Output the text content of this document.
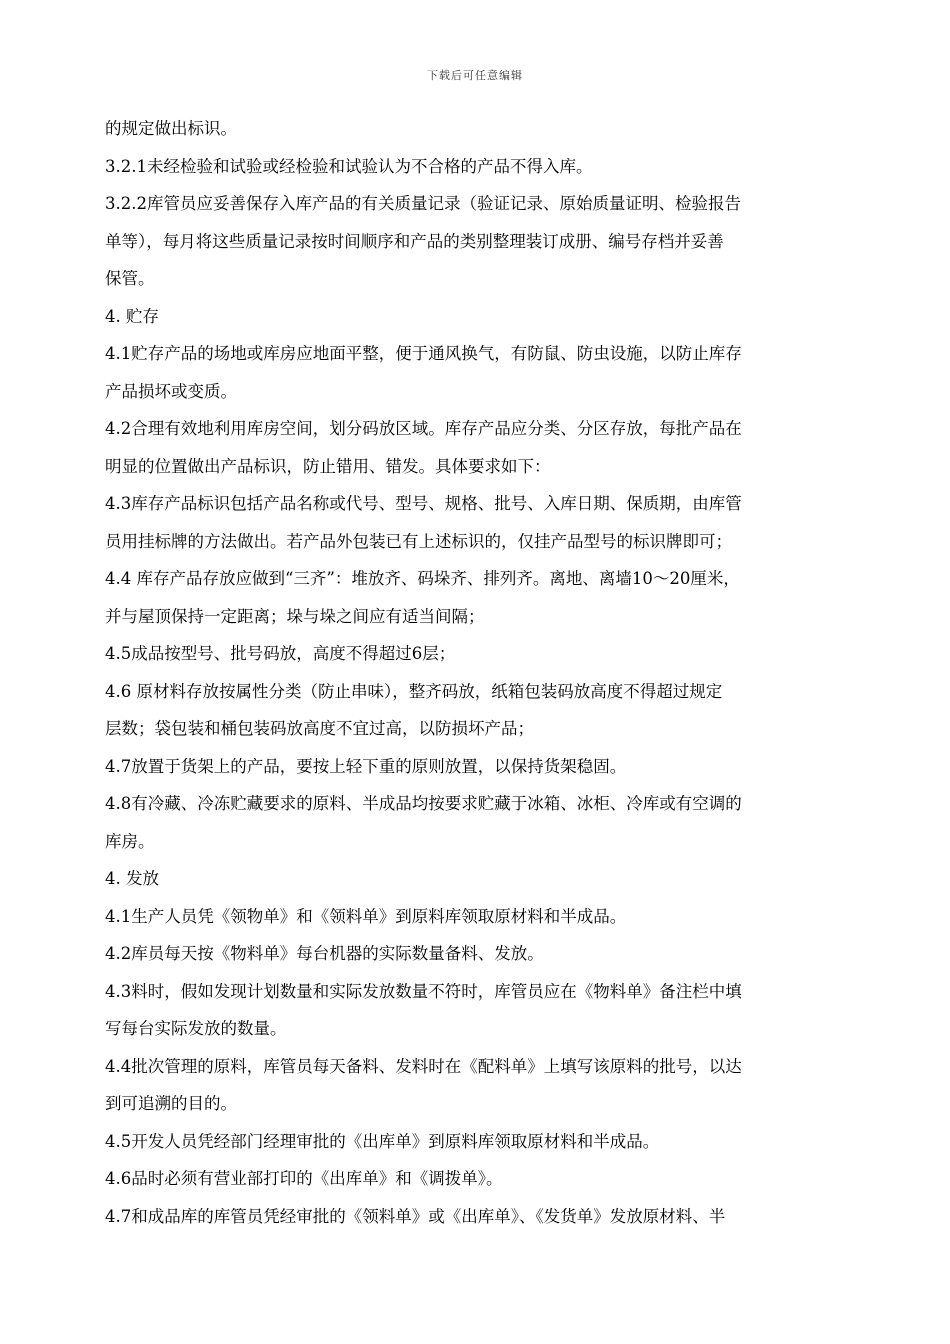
下载后可任意编辑
的规定做出标识。
3.2.1未经检验和试验或经检验和试验认为不合格的产品不得入库。
3.2.2库管员应妥善保存入库产品的有关质量记录（验证记录、原始质量证明、检验报告
单等），每月将这些质量记录按时间顺序和产品的类别整理装订成册、编号存档并妥善
保管。
4. 贮存
4.1贮存产品的场地或库房应地面平整，便于通风换气，有防鼠、防虫设施，以防止库存
产品损坏或变质。
4.2合理有效地利用库房空间，划分码放区域。库存产品应分类、分区存放，每批产品在
明显的位置做出产品标识，防止错用、错发。具体要求如下：
4.3库存产品标识包括产品名称或代号、型号、规格、批号、入库日期、保质期，由库管
员用挂标牌的方法做出。若产品外包装已有上述标识的，仅挂产品型号的标识牌即可；
4.4 库存产品存放应做到“三齐”：堆放齐、码垛齐、排列齐。离地、离墙10～20厘米，
并与屋顶保持一定距离；垛与垛之间应有适当间隔；
4.5成品按型号、批号码放，高度不得超过6层；
4.6 原材料存放按属性分类（防止串味），整齐码放，纸箱包装码放高度不得超过规定
层数；袋包装和桶包装码放高度不宜过高，以防损坏产品；
4.7放置于货架上的产品，要按上轻下重的原则放置，以保持货架稳固。
4.8有冷藏、冷冻贮藏要求的原料、半成品均按要求贮藏于冰箱、冰柜、冷库或有空调的
库房。
4. 发放
4.1生产人员凭《领物单》和《领料单》到原料库领取原材料和半成品。
4.2库员每天按《物料单》每台机器的实际数量备料、发放。
4.3料时，假如发现计划数量和实际发放数量不符时，库管员应在《物料单》备注栏中填
写每台实际发放的数量。
4.4批次管理的原料，库管员每天备料、发料时在《配料单》上填写该原料的批号，以达
到可追溯的目的。
4.5开发人员凭经部门经理审批的《出库单》到原料库领取原材料和半成品。
4.6品时必须有营业部打印的《出库单》和《调拨单》。
4.7和成品库的库管员凭经审批的《领料单》或《出库单》、《发货单》发放原材料、半
